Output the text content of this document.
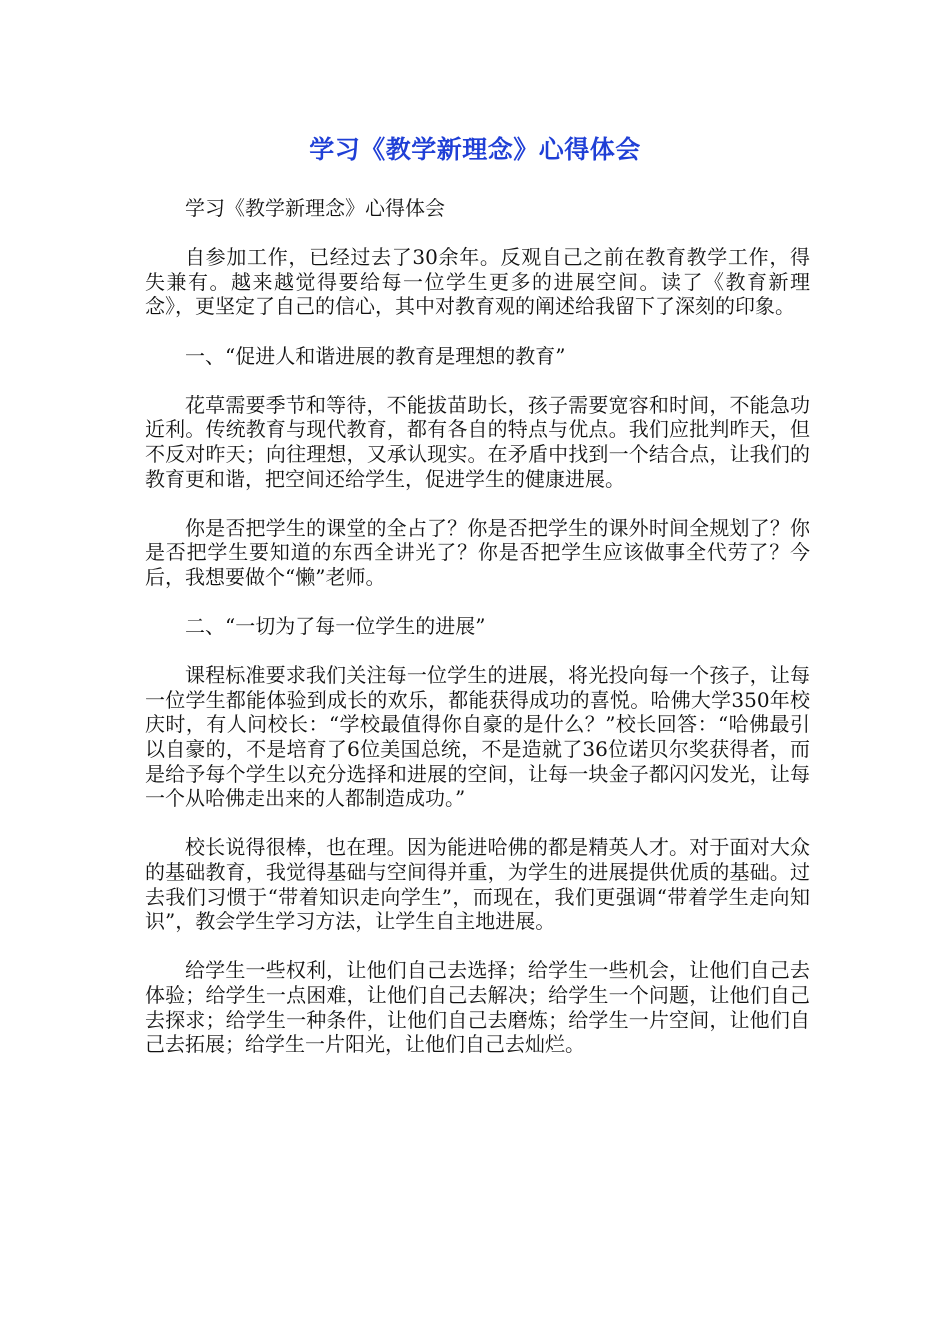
学习《教学新理念》心得体会

学习《教学新理念》心得体会

自参加工作，已经过去了30余年。反观自己之前在教育教学工作，得失兼有。越来越觉得要给每一位学生更多的进展空间。读了《教育新理念》，更坚定了自己的信心，其中对教育观的阐述给我留下了深刻的印象。

一、“促进人和谐进展的教育是理想的教育”

花草需要季节和等待，不能拔苗助长，孩子需要宽容和时间，不能急功近利。传统教育与现代教育，都有各自的特点与优点。我们应批判昨天，但不反对昨天；向往理想，又承认现实。在矛盾中找到一个结合点，让我们的教育更和谐，把空间还给学生，促进学生的健康进展。

你是否把学生的课堂的全占了？你是否把学生的课外时间全规划了？你是否把学生要知道的东西全讲光了？你是否把学生应该做事全代劳了？今后，我想要做个“懒”老师。

二、“一切为了每一位学生的进展”

课程标准要求我们关注每一位学生的进展，将光投向每一个孩子，让每一位学生都能体验到成长的欢乐，都能获得成功的喜悦。哈佛大学350年校庆时，有人问校长：“学校最值得你自豪的是什么？”校长回答：“哈佛最引以自豪的，不是培育了6位美国总统，不是造就了36位诺贝尔奖获得者，而是给予每个学生以充分选择和进展的空间，让每一块金子都闪闪发光，让每一个从哈佛走出来的人都制造成功。”

校长说得很棒，也在理。因为能进哈佛的都是精英人才。对于面对大众的基础教育，我觉得基础与空间得并重，为学生的进展提供优质的基础。过去我们习惯于“带着知识走向学生”，而现在，我们更强调“带着学生走向知识”，教会学生学习方法，让学生自主地进展。

给学生一些权利，让他们自己去选择；给学生一些机会，让他们自己去体验；给学生一点困难，让他们自己去解决；给学生一个问题，让他们自己去探求；给学生一种条件，让他们自己去磨炼；给学生一片空间，让他们自己去拓展；给学生一片阳光，让他们自己去灿烂。
